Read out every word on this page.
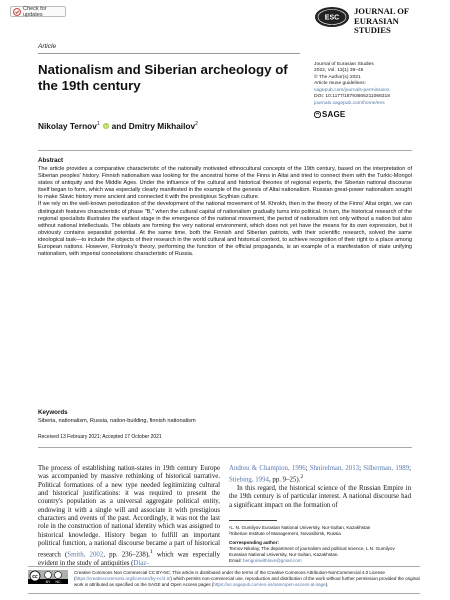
Check for updates
Article
ESC
JOURNAL OF
EURASIAN STUDIES
Journal of Eurasian Studies
2022, Vol. 13(1) 36–45
© The Author(s) 2021
Article reuse guidelines:
sagepub.com/journals-permissions
DOI: 10.1177/18793665211066318
journals.sagepub.com/home/ens
SAGE
Nationalism and Siberian archeology of the 19th century
Nikolay Ternov$^1$ and Dmitry Mikhailov$^2$
Abstract

The article provides a comparative characteristic of the nationally motivated ethnocultural concepts of the 19th century, based on the interpretation of Siberian peoples' history. Finnish nationalism was looking for the ancestral home of the Finns in Altai and tried to connect them with the Turkic-Mongol states of antiquity and the Middle Ages. Under the influence of the cultural and historical theories of regional experts, the Siberian national discourse itself began to form, which was especially clearly manifested in the example of the genesis of Altai nationalism. Russian great-power nationalism sought to make Slavic history more ancient and connected it with the prestigious Scythian culture.

If we rely on the well-known periodization of the development of the national movement of M. Khrokh, then in the theory of the Finns' Altai origin, we can distinguish features characteristic of phase "B," when the cultural capital of nationalism gradually turns into political. In turn, the historical research of the regional specialists illustrates the earliest stage in the emergence of the national movement, the period of nationalism not only without a nation but also without national intellectuals. The oblasts are forming the very national environment, which does not yet have the means for its own expression, but it obviously contains separatist potential. At the same time, both the Finnish and Siberian patriots, with their scientific research, solved the same ideological task—to include the objects of their research in the world cultural and historical context, to achieve recognition of their right to a place among European nations. However, Florinsky's theory, performing the function of the official propaganda, is an example of a manifestation of state unifying nationalism, with imperial connotations characteristic of Russia.

Keywords
Siberia, nationalism, Russia, nation-building, finnish nationalism
Received 13 February 2021; Accepted 17 October 2021

The process of establishing nation-states in 19th century Europe was accompanied by massive rethinking of historical narrative. Political formations of a new type needed legitimizing cultural and historical justifications: it was required to present the country's population as a universal aggregate political entity, endowing it with a single will and associate it with prestigious characters and events of the past. Accordingly, it was not the last role in the construction of national identity which was assigned to historical knowledge. History began to fulfill an important political function, a national discourse became a part of historical research (Smith, 2002, pp. 236–238),$^1$ which was especially evident in the study of antiquities (Díaz-

Andreu & Champion, 1996; Shnirelman, 2013; Silberman, 1989; Stiebing, 1994, pp. 9–25).$^2$

In this regard, the historical science of the Russian Empire in the 19th century is of particular interest. A national discourse had a significant impact on the formation of

¹L. N. Gumilyov Eurasian National University, Nur-Sultan, Kazakhstan
²Siberian Institute of Management, Novosibirsk, Russia
Corresponding author:
Ternov Nikolay, The department of journalism and political science, L.N. Gumilyov Eurasian National University, Nur-Sultan, Kazakhstan.
Email: benguinwithlove@gmail.com
cc
BY NC
Creative Commons Non Commercial CC BY-NC: This article is distributed under the terms of the Creative Commons Attribution-NonCommercial 4.0 License (https://creativecommons.org/licenses/by-nc/4.0/) which permits non-commercial use, reproduction and distribution of the work without further permission provided the original work is attributed as specified on the SAGE and Open Access pages (https://us.sagepub.com/en-us/nam/open-access-at-sage).
